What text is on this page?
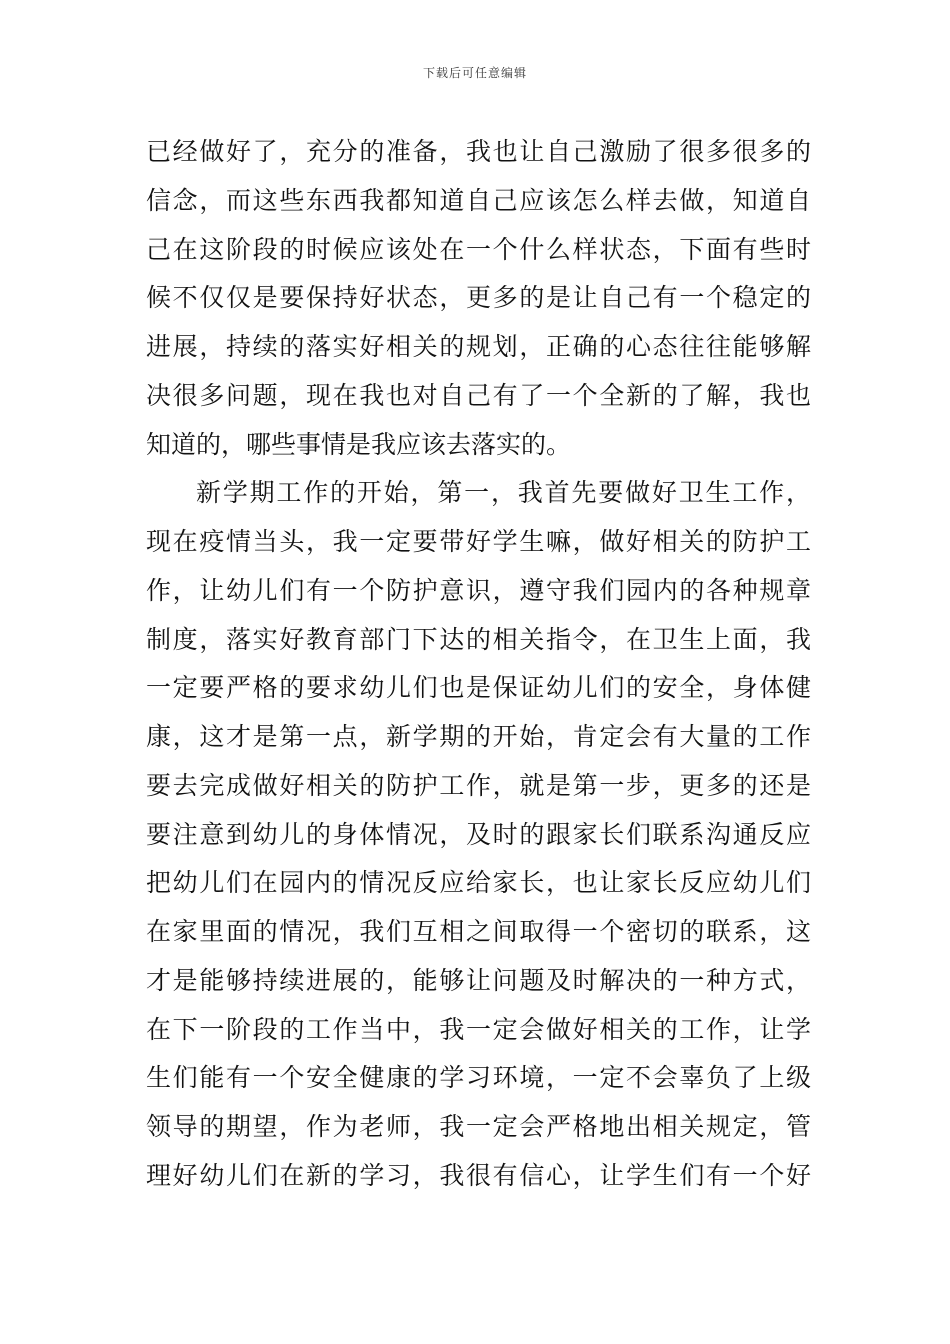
下载后可任意编辑
已经做好了，充分的准备，我也让自己激励了很多很多的
信念，而这些东西我都知道自己应该怎么样去做，知道自
己在这阶段的时候应该处在一个什么样状态，下面有些时
候不仅仅是要保持好状态，更多的是让自己有一个稳定的
进展，持续的落实好相关的规划，正确的心态往往能够解
决很多问题，现在我也对自己有了一个全新的了解，我也
知道的，哪些事情是我应该去落实的。
新学期工作的开始，第一，我首先要做好卫生工作，
现在疫情当头，我一定要带好学生嘛，做好相关的防护工
作，让幼儿们有一个防护意识，遵守我们园内的各种规章
制度，落实好教育部门下达的相关指令，在卫生上面，我
一定要严格的要求幼儿们也是保证幼儿们的安全，身体健
康，这才是第一点，新学期的开始，肯定会有大量的工作
要去完成做好相关的防护工作，就是第一步，更多的还是
要注意到幼儿的身体情况，及时的跟家长们联系沟通反应
把幼儿们在园内的情况反应给家长，也让家长反应幼儿们
在家里面的情况，我们互相之间取得一个密切的联系，这
才是能够持续进展的，能够让问题及时解决的一种方式，
在下一阶段的工作当中，我一定会做好相关的工作，让学
生们能有一个安全健康的学习环境，一定不会辜负了上级
领导的期望，作为老师，我一定会严格地出相关规定，管
理好幼儿们在新的学习，我很有信心，让学生们有一个好
